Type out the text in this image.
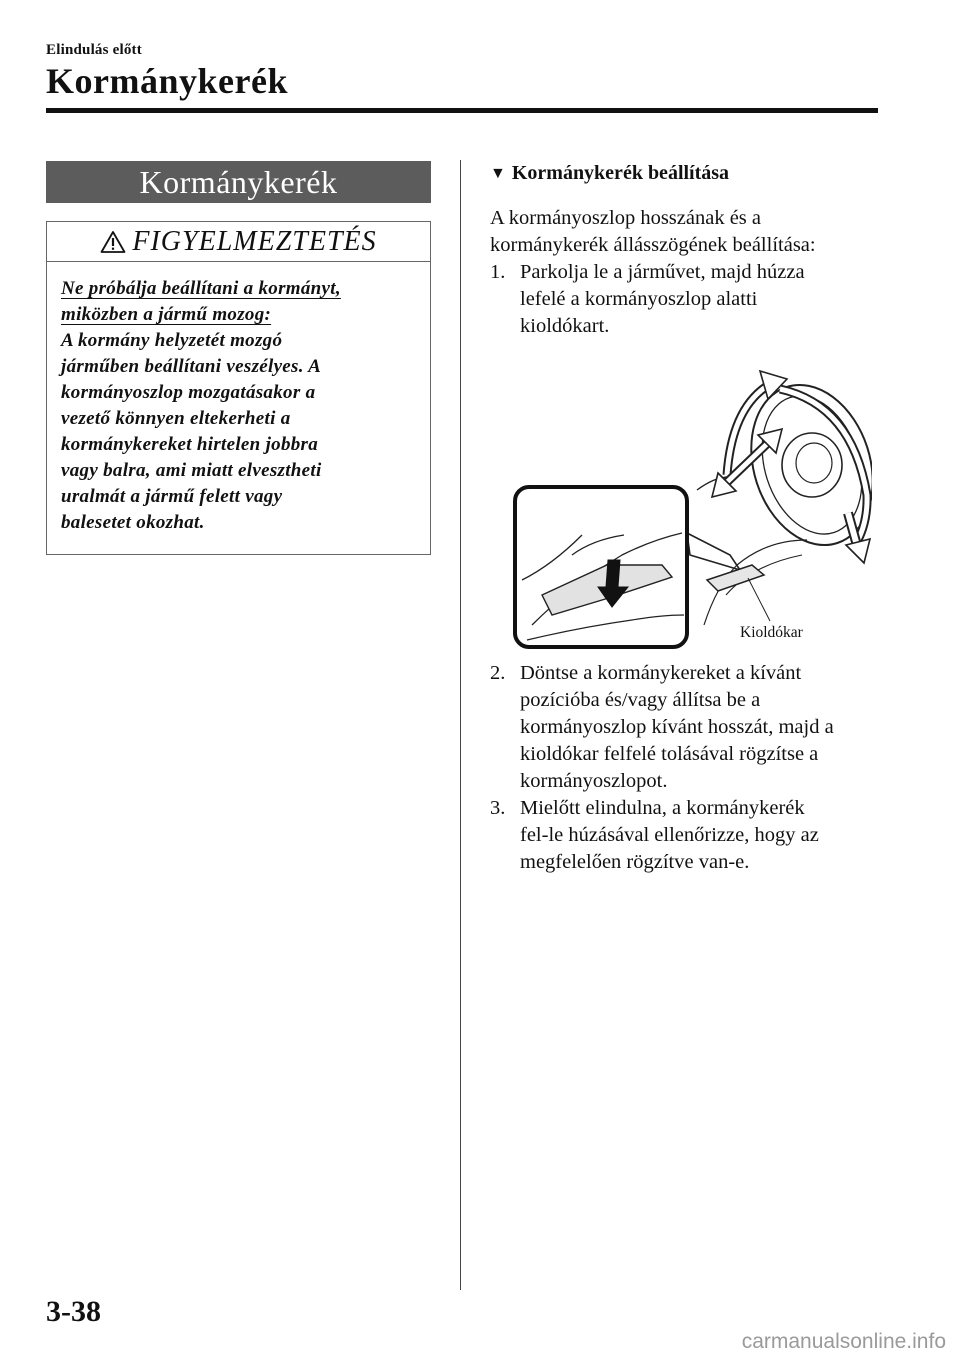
Elindulás előtt
Kormánykerék
Kormánykerék
FIGYELMEZTETÉS
Ne próbálja beállítani a kormányt,
miközben a jármű mozog:
A kormány helyzetét mozgó
járműben beállítani veszélyes. A
kormányoszlop mozgatásakor a
vezető könnyen eltekerheti a
kormánykereket hirtelen jobbra
vagy balra, ami miatt elvesztheti
uralmát a jármű felett vagy
balesetet okozhat.
▼ Kormánykerék beállítása
A kormányoszlop hosszának és a
kormánykerék állásszögének beállítása:
1. Parkolja le a járművet, majd húzza
lefelé a kormányoszlop alatti
kioldókart.
Kioldókar
2. Döntse a kormánykereket a kívánt
pozícióba és/vagy állítsa be a
kormányoszlop kívánt hosszát, majd a
kioldókar felfelé tolásával rögzítse a
kormányoszlopot.
3. Mielőtt elindulna, a kormánykerék
fel-le húzásával ellenőrizze, hogy az
megfelelően rögzítve van-e.
3-38
carmanualsonline.info
